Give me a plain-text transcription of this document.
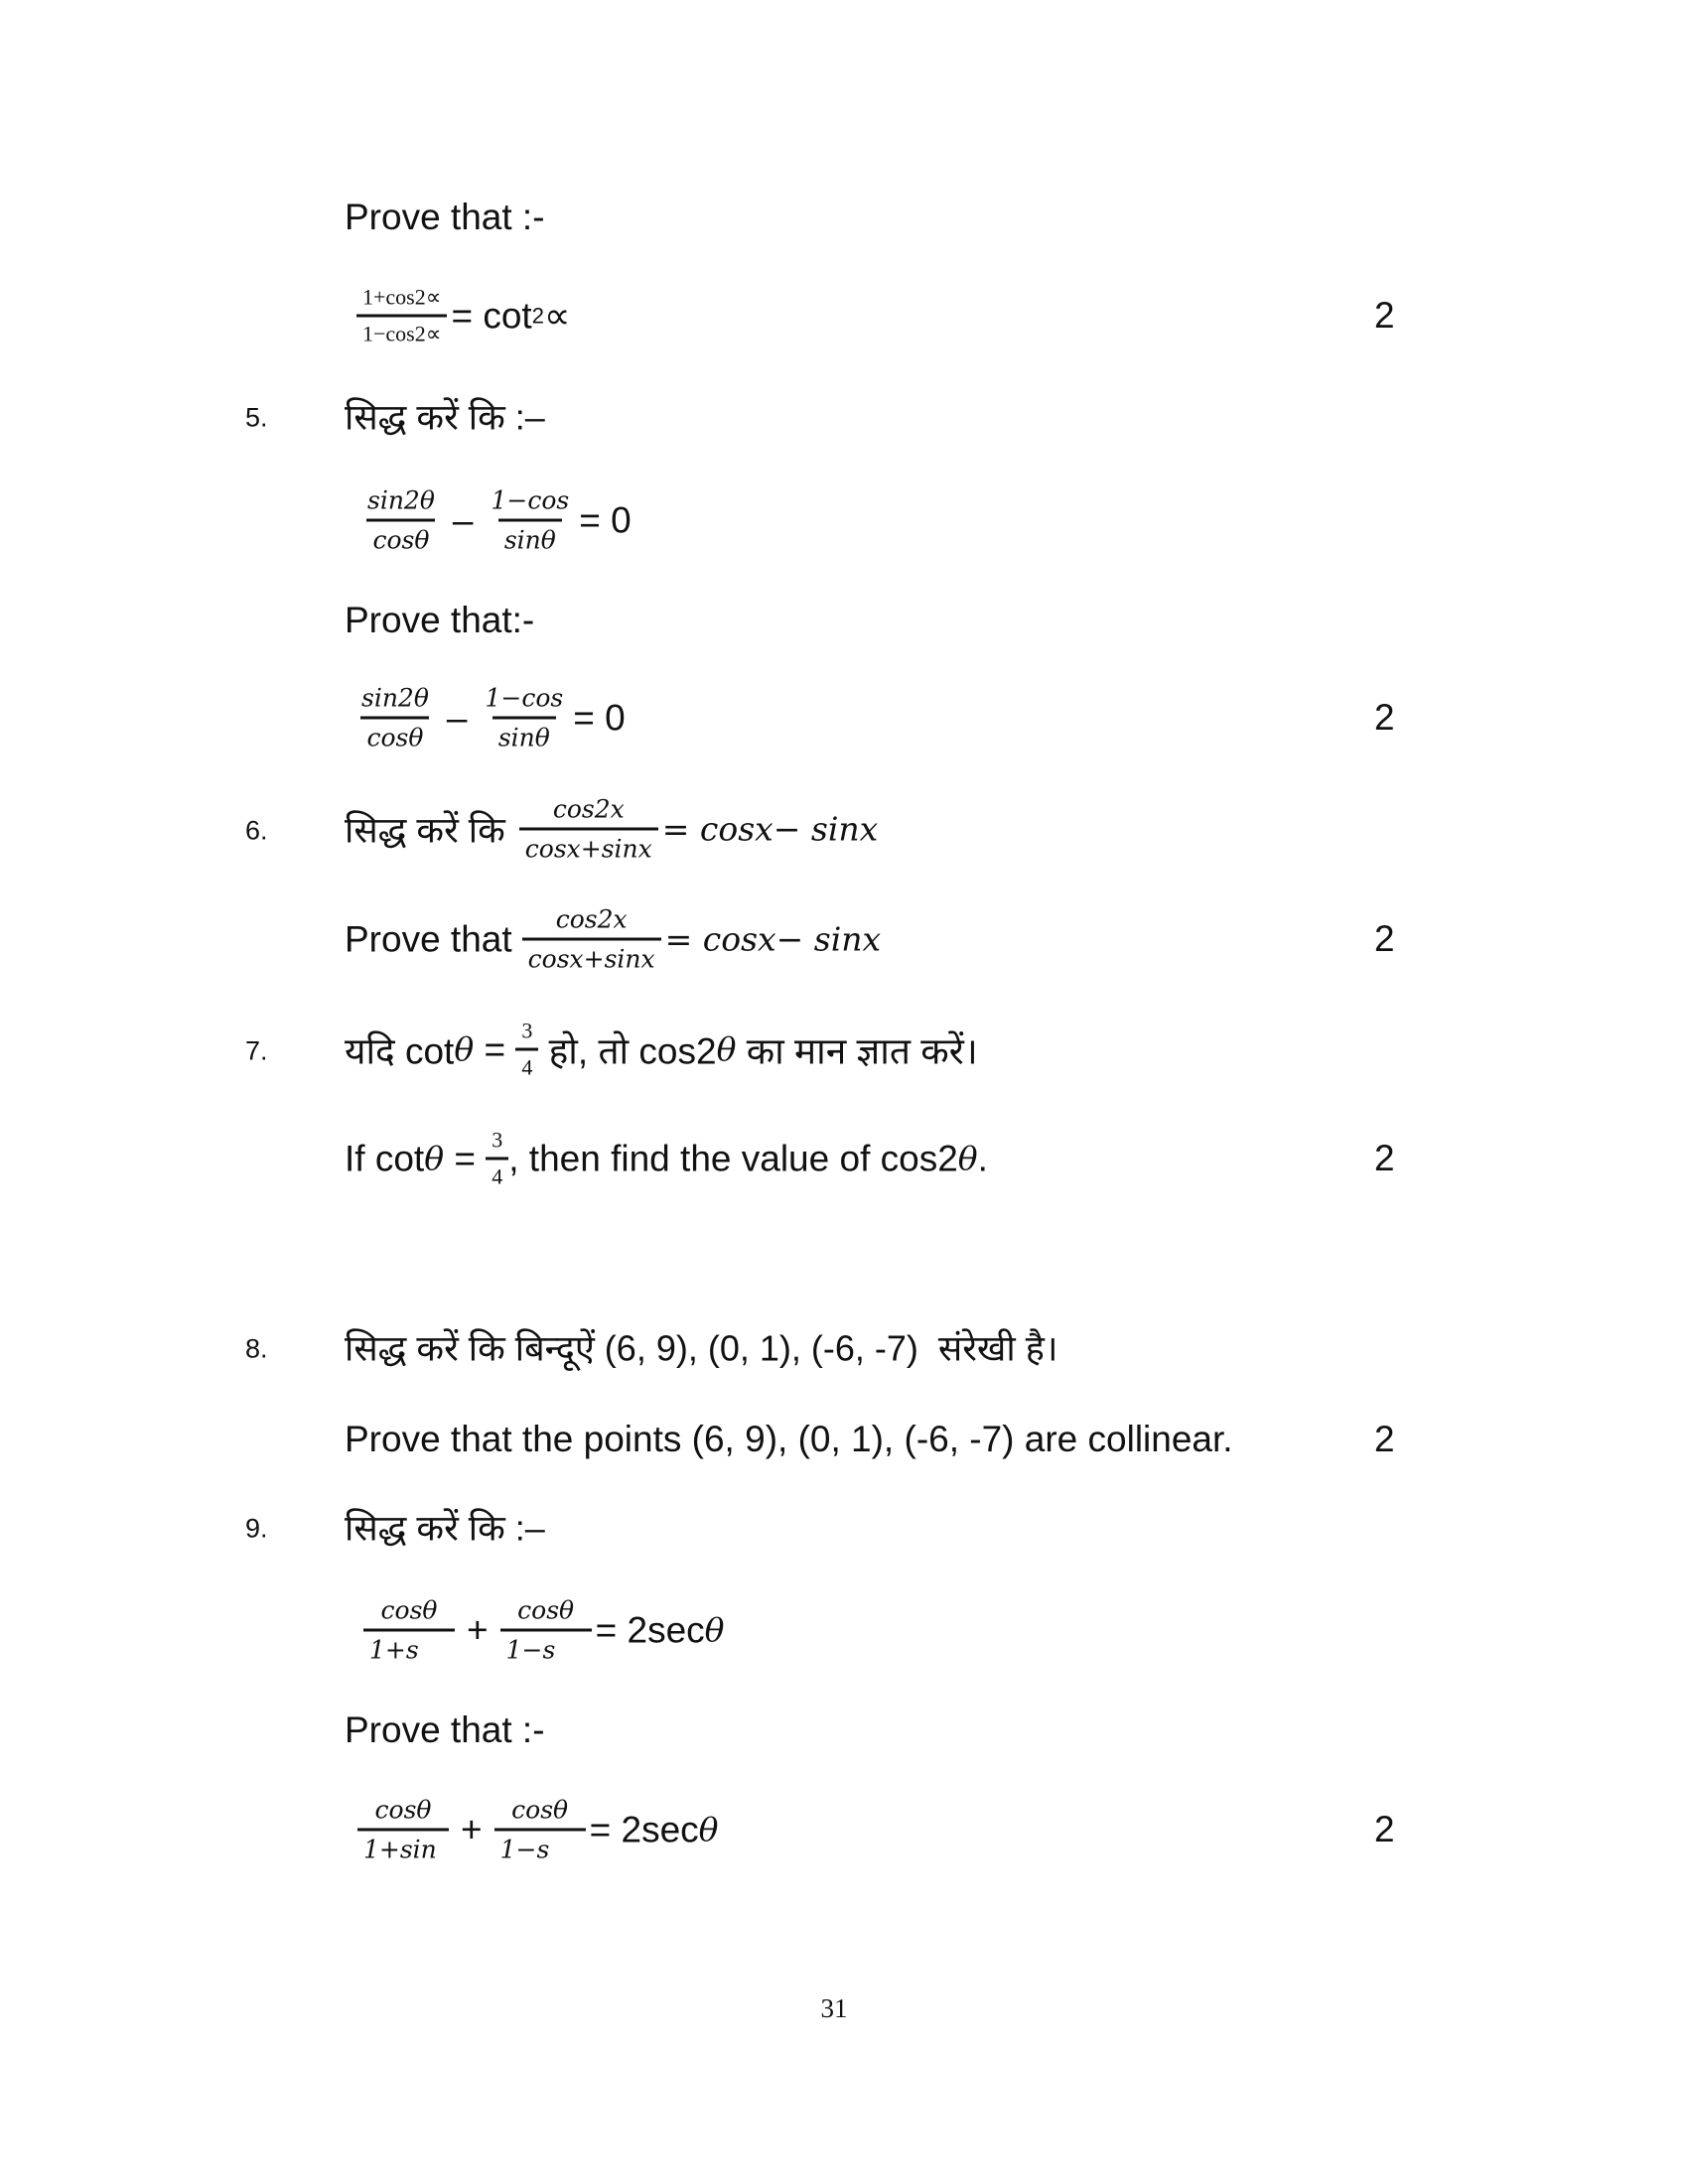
Prove that :-
$\frac{1+\cos 2\propto}{1-\cos 2\propto} = \cot 2$ ∝	2
5. सिद्ध करें कि :–
$\frac{\sin 2\theta}{\cos\theta} - \frac{1-\cos}{\sin\theta} = 0$
Prove that:-
$\frac{\sin 2\theta}{\cos\theta} - \frac{1-\cos}{\sin\theta} = 0$	2
6. सिद्ध करें कि $\frac{\cos 2x}{\cos x+\sin x} = \cos x- \sin x$
Prove that $\frac{\cos 2x}{\cos x+\sin x} = \cos x- \sin x$	2
7. यदि $\cot \theta = \frac{3}{4}$ हो, तो cos2 θ का मान ज्ञात करें।
If $\cot \theta = \frac{3}{4}$ , then find the value of cos2 θ .	2
8. सिद्ध करें कि बिन्दूऐं (6, 9), (0, 1), (-6, -7)  संरेखी है।
Prove that the points (6, 9), (0, 1), (-6, -7) are collinear.	2
9. सिद्ध करें कि :–
$\frac{\cos\theta}{1+s} + \frac{\cos\theta}{1-s} = 2\sec$ θ
Prove that :-
$\frac{\cos\theta}{1+\sin} + \frac{\cos\theta}{1-s} = 2\sec$ θ	2
31
